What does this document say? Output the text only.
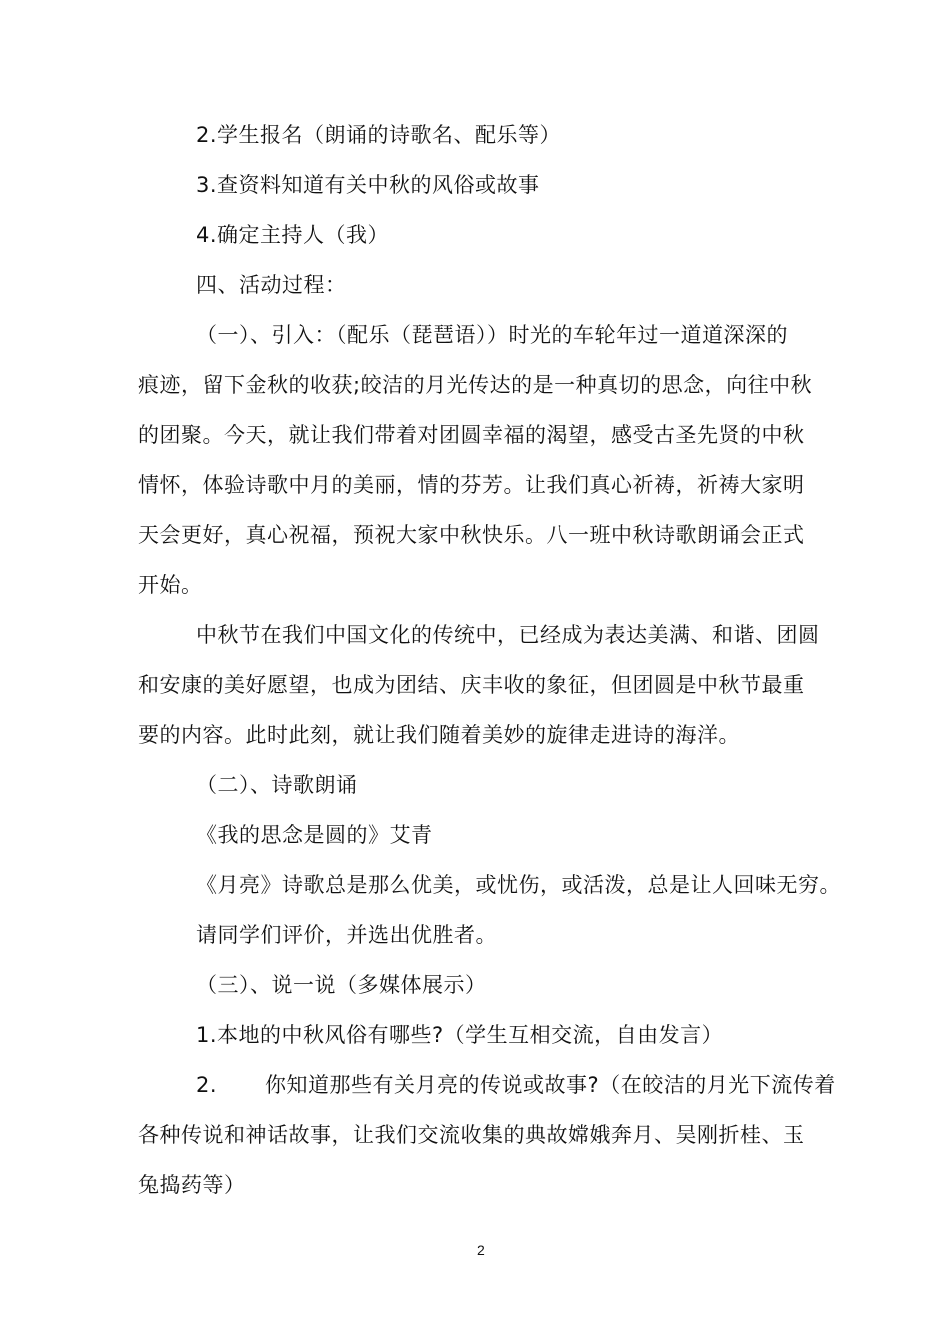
2.学生报名（朗诵的诗歌名、配乐等）
3.查资料知道有关中秋的风俗或故事
4.确定主持人（我）
四、活动过程：
（一）、引入：（配乐（琵琶语））时光的车轮年过一道道深深的
痕迹，留下金秋的收获;皎洁的月光传达的是一种真切的思念，向往中秋
的团聚。今天，就让我们带着对团圆幸福的渴望，感受古圣先贤的中秋
情怀，体验诗歌中月的美丽，情的芬芳。让我们真心祈祷，祈祷大家明
天会更好，真心祝福，预祝大家中秋快乐。八一班中秋诗歌朗诵会正式
开始。
中秋节在我们中国文化的传统中，已经成为表达美满、和谐、团圆
和安康的美好愿望，也成为团结、庆丰收的象征，但团圆是中秋节最重
要的内容。此时此刻，就让我们随着美妙的旋律走进诗的海洋。
（二）、诗歌朗诵
《我的思念是圆的》艾青
《月亮》诗歌总是那么优美，或忧伤，或活泼，总是让人回味无穷。
请同学们评价，并选出优胜者。
（三）、说一说（多媒体展示）
1.本地的中秋风俗有哪些?（学生互相交流，自由发言）
2. 你知道那些有关月亮的传说或故事?（在皎洁的月光下流传着
各种传说和神话故事，让我们交流收集的典故嫦娥奔月、吴刚折桂、玉
兔捣药等）
2
